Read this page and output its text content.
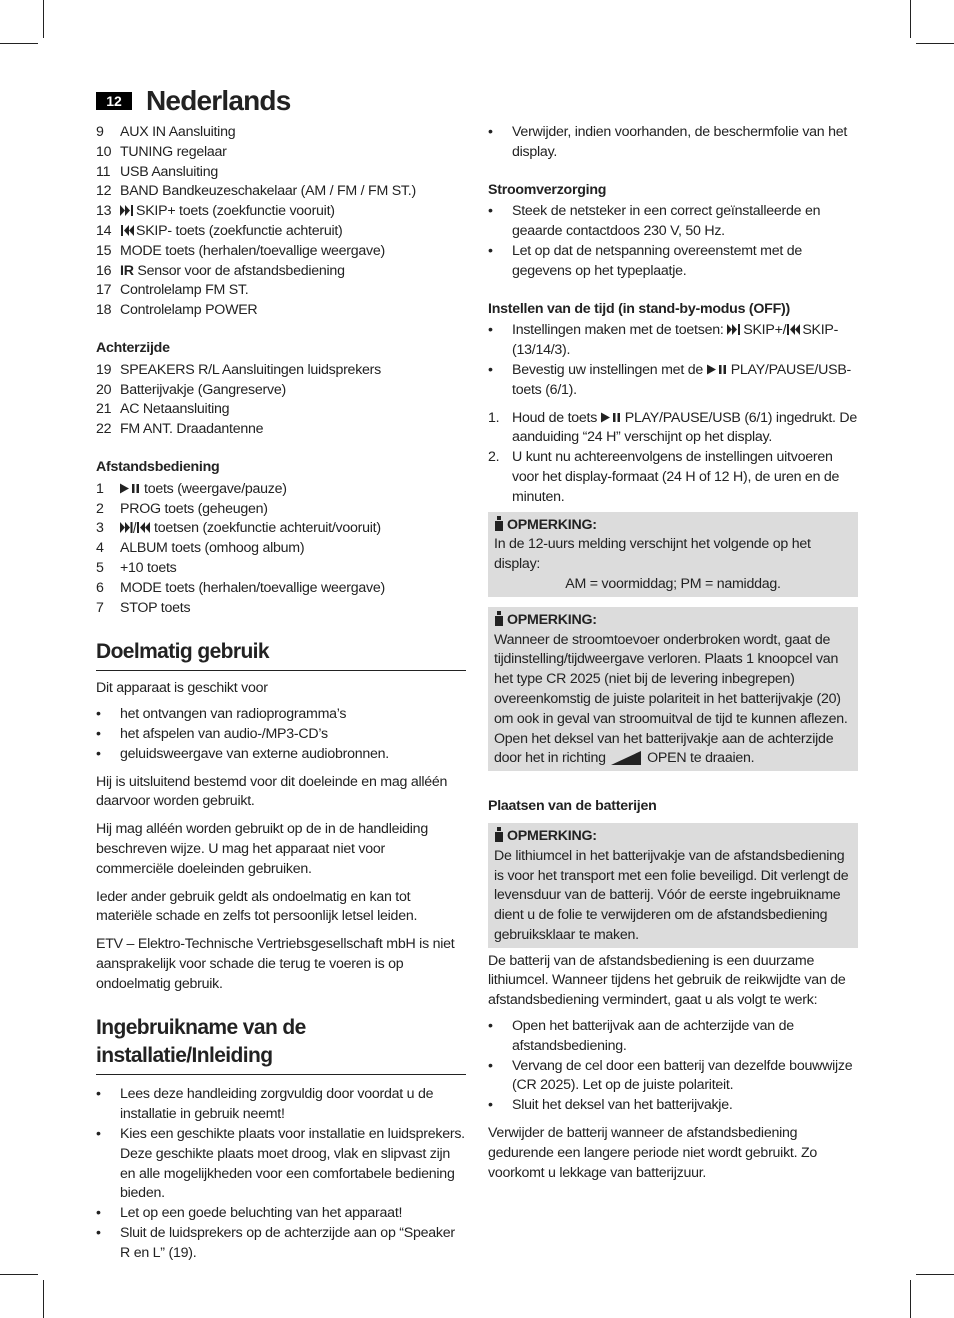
12 Nederlands
9 AUX IN Aansluiting
10 TUNING regelaar
11 USB Aansluiting
12 BAND Bandkeuzeschakelaar (AM / FM / FM ST.)
13 SKIP+ toets (zoekfunctie vooruit)
14 SKIP- toets (zoekfunctie achteruit)
15 MODE toets (herhalen/toevallige weergave)
16 IR Sensor voor de afstandsbediening
17 Controlelamp FM ST.
18 Controlelamp POWER
Achterzijde
19 SPEAKERS R/L Aansluitingen luidsprekers
20 Batterijvakje (Gangreserve)
21 AC Netaansluiting
22 FM ANT. Draadantenne
Afstandsbediening
1	toets (weergave/pauze)
2 PROG toets (geheugen)
3	toetsen (zoekfunctie achteruit/vooruit)
4 ALBUM toets (omhoog album)
5 +10 toets
6 MODE toets (herhalen/toevallige weergave)
7 STOP toets
Doelmatig gebruik

Dit apparaat is geschikt voor

• het ontvangen van radioprogramma’s
• het afspelen van audio-/MP3-CD’s
• geluidsweergave van externe audiobronnen.

Hij is uitsluitend bestemd voor dit doeleinde en mag alléén daarvoor worden gebruikt.

Hij mag alléén worden gebruikt op de in de handleiding beschreven wijze. U mag het apparaat niet voor commerciële doeleinden gebruiken.

Ieder ander gebruik geldt als ondoelmatig en kan tot materiële schade en zelfs tot persoonlijk letsel leiden.

ETV – Elektro-Technische Vertriebsgesellschaft mbH is niet aansprakelijk voor schade die terug te voeren is op ondoelmatig gebruik.

Ingebruikname van de installatie/Inleiding
• Lees deze handleiding zorgvuldig door voordat u de installatie in gebruik neemt!
• Kies een geschikte plaats voor installatie en luidsprekers. Deze geschikte plaats moet droog, vlak en slipvast zijn en alle mogelijkheden voor een comfortabele bediening bieden.
• Let op een goede beluchting van het apparaat!
• Sluit de luidsprekers op de achterzijde aan op “Speaker R en L” (19).
• Verwijder, indien voorhanden, de beschermfolie van het display.
Stroomverzorging
• Steek de netsteker in een correct geïnstalleerde en geaarde contactdoos 230 V, 50 Hz.
• Let op dat de netspanning overeenstemt met de gegevens op het typeplaatje.
Instellen van de tijd (in stand-by-modus (OFF))
• Instellingen maken met de toetsen: SKIP+/ SKIP-(13/14/3).
• Bevestig uw instellingen met de PLAY/PAUSE/USB-toets (6/1).
1. Houd de toets PLAY/PAUSE/USB (6/1) ingedrukt. De aanduiding “24 H” verschijnt op het display.
2. U kunt nu achtereenvolgens de instellingen uitvoeren voor het display-formaat (24 H of 12 H), de uren en de minuten.
OPMERKING:
In de 12-uurs melding verschijnt het volgende op het display:
AM = voormiddag; PM = namiddag.
OPMERKING:
Wanneer de stroomtoevoer onderbroken wordt, gaat de tijdinstelling/tijdweergave verloren. Plaats 1 knoopcel van het type CR 2025 (niet bij de levering inbegrepen) overeenkomstig de juiste polariteit in het batterijvakje (20) om ook in geval van stroomuitval de tijd te kunnen aflezen. Open het deksel van het batterijvakje aan de achterzijde door het in richting	OPEN te draaien.
Plaatsen van de batterijen
OPMERKING:
De lithiumcel in het batterijvakje van de afstandsbediening is voor het transport met een folie beveiligd. Dit verlengt de levensduur van de batterij. Vóór de eerste ingebruikname dient u de folie te verwijderen om de afstandsbediening gebruiksklaar te maken.

De batterij van de afstandsbediening is een duurzame lithiumcel. Wanneer tijdens het gebruik de reikwijdte van de afstandsbediening vermindert, gaat u als volgt te werk:

• Open het batterijvak aan de achterzijde van de afstandsbediening.
• Vervang de cel door een batterij van dezelfde bouwwijze (CR 2025). Let op de juiste polariteit.
• Sluit het deksel van het batterijvakje.

Verwijder de batterij wanneer de afstandsbediening gedurende een langere periode niet wordt gebruikt. Zo voorkomt u lekkage van batterijzuur.
